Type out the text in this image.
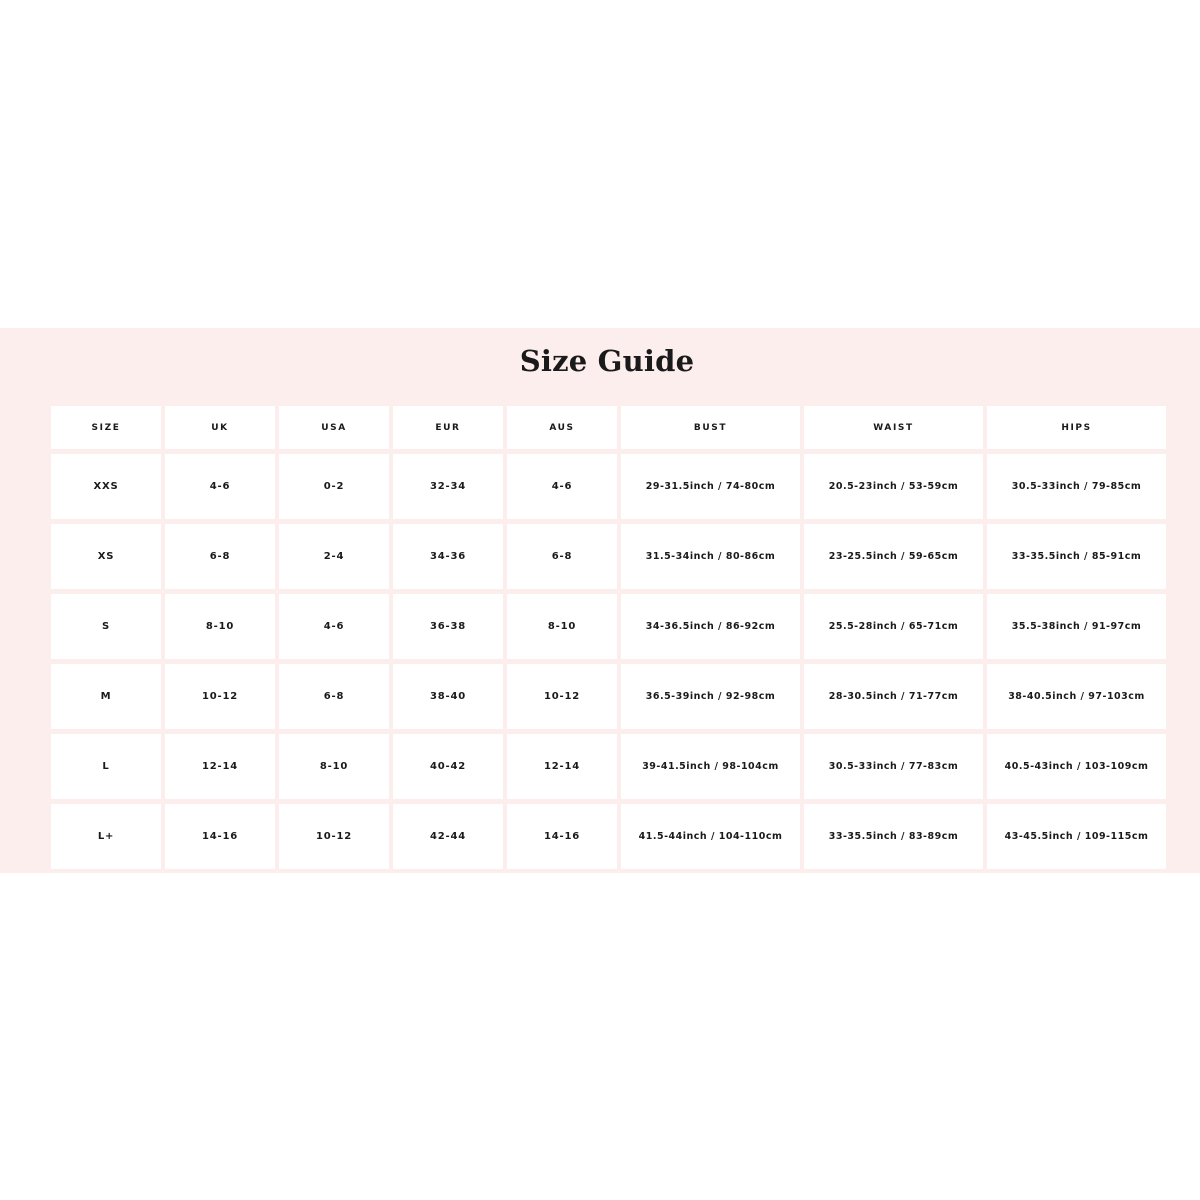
Size Guide
SIZE	UK	USA	EUR	AUS	BUST	WAIST	HIPS
XXS	4-6	0-2	32-34	4-6	29-31.5inch / 74-80cm	20.5-23inch / 53-59cm	30.5-33inch / 79-85cm
XS	6-8	2-4	34-36	6-8	31.5-34inch / 80-86cm	23-25.5inch / 59-65cm	33-35.5inch / 85-91cm
S	8-10	4-6	36-38	8-10	34-36.5inch / 86-92cm	25.5-28inch / 65-71cm	35.5-38inch / 91-97cm
M	10-12	6-8	38-40	10-12	36.5-39inch / 92-98cm	28-30.5inch / 71-77cm	38-40.5inch / 97-103cm
L	12-14	8-10	40-42	12-14	39-41.5inch / 98-104cm	30.5-33inch / 77-83cm	40.5-43inch / 103-109cm
L+	14-16	10-12	42-44	14-16	41.5-44inch / 104-110cm	33-35.5inch / 83-89cm	43-45.5inch / 109-115cm
